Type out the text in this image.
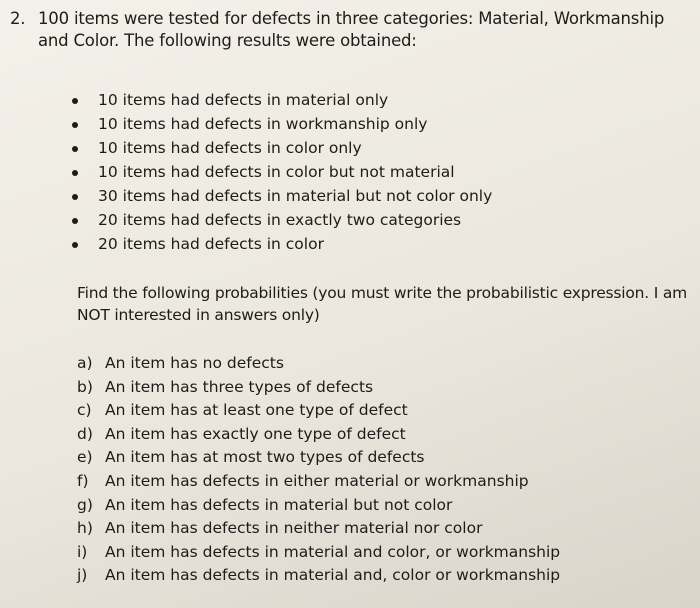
2. 100 items were tested for defects in three categories: Material, Workmanship
and Color. The following results were obtained:
10 items had defects in material only
10 items had defects in workmanship only
10 items had defects in color only
10 items had defects in color but not material
30 items had defects in material but not color only
20 items had defects in exactly two categories
20 items had defects in color
Find the following probabilities (you must write the probabilistic expression. I am NOT interested in answers only)
a) An item has no defects
b) An item has three types of defects
c) An item has at least one type of defect
d) An item has exactly one type of defect
e) An item has at most two types of defects
f) An item has defects in either material or workmanship
g) An item has defects in material but not color
h) An item has defects in neither material nor color
i) An item has defects in material and color, or workmanship
j) An item has defects in material and, color or workmanship
